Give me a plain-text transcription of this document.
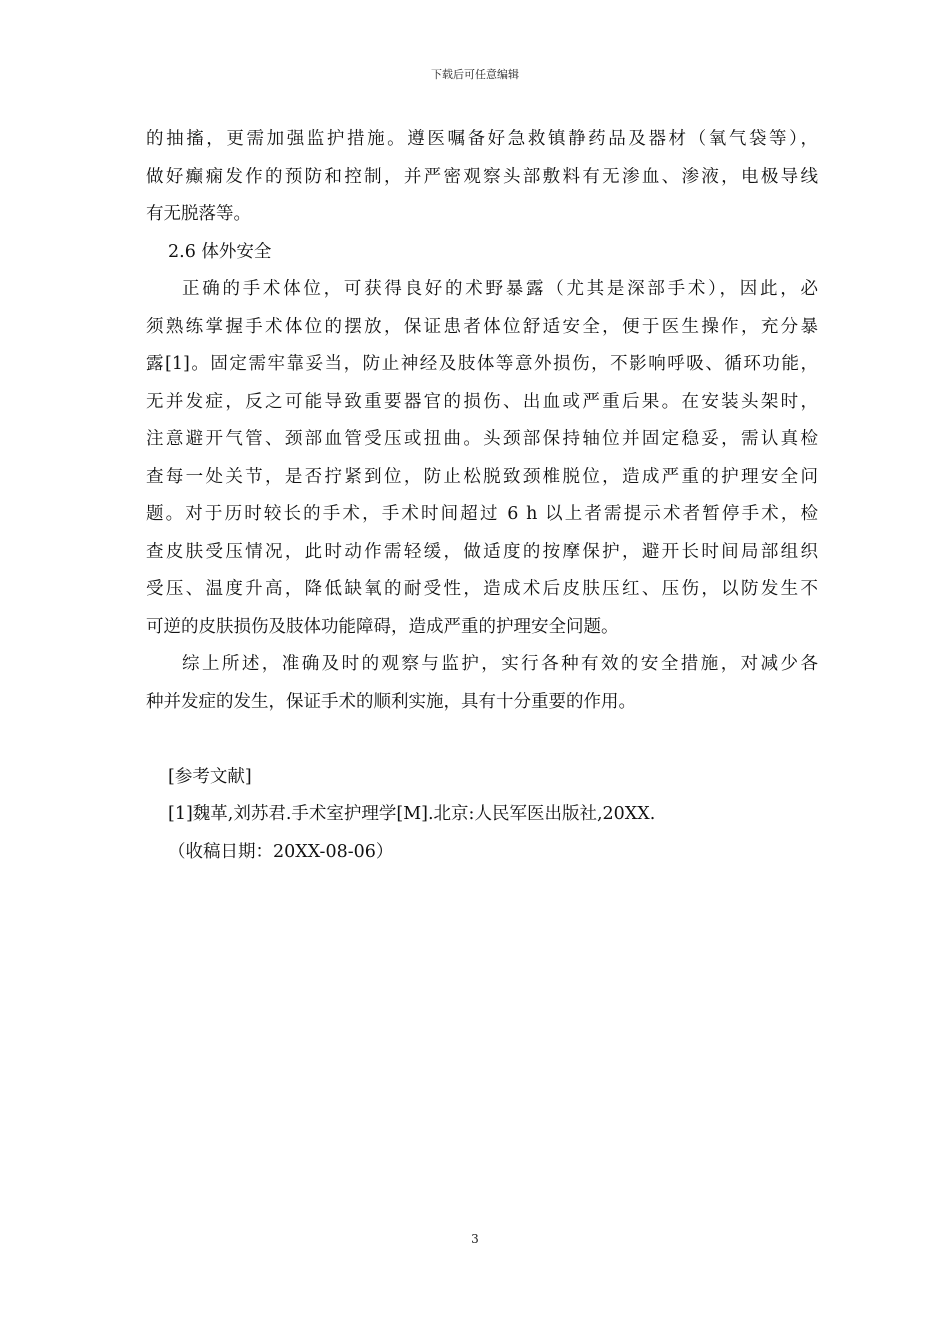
下载后可任意编辑
的抽搐，更需加强监护措施。遵医嘱备好急救镇静药品及器材（氧气袋等），
做好癫痫发作的预防和控制，并严密观察头部敷料有无渗血、渗液，电极导线
有无脱落等。
2.6 体外安全
正确的手术体位，可获得良好的术野暴露（尤其是深部手术），因此，必
须熟练掌握手术体位的摆放，保证患者体位舒适安全，便于医生操作，充分暴
露[1]。固定需牢靠妥当，防止神经及肢体等意外损伤，不影响呼吸、循环功能，
无并发症，反之可能导致重要器官的损伤、出血或严重后果。在安装头架时，
注意避开气管、颈部血管受压或扭曲。头颈部保持轴位并固定稳妥，需认真检
查每一处关节，是否拧紧到位，防止松脱致颈椎脱位，造成严重的护理安全问
题。对于历时较长的手术，手术时间超过 6 h 以上者需提示术者暂停手术，检
查皮肤受压情况，此时动作需轻缓，做适度的按摩保护，避开长时间局部组织
受压、温度升高，降低缺氧的耐受性，造成术后皮肤压红、压伤，以防发生不
可逆的皮肤损伤及肢体功能障碍，造成严重的护理安全问题。
综上所述，准确及时的观察与监护，实行各种有效的安全措施，对减少各
种并发症的发生，保证手术的顺利实施，具有十分重要的作用。
[参考文献]
[1]魏革,刘苏君.手术室护理学[M].北京:人民军医出版社,20XX.
（收稿日期：20XX-08-06）
3
